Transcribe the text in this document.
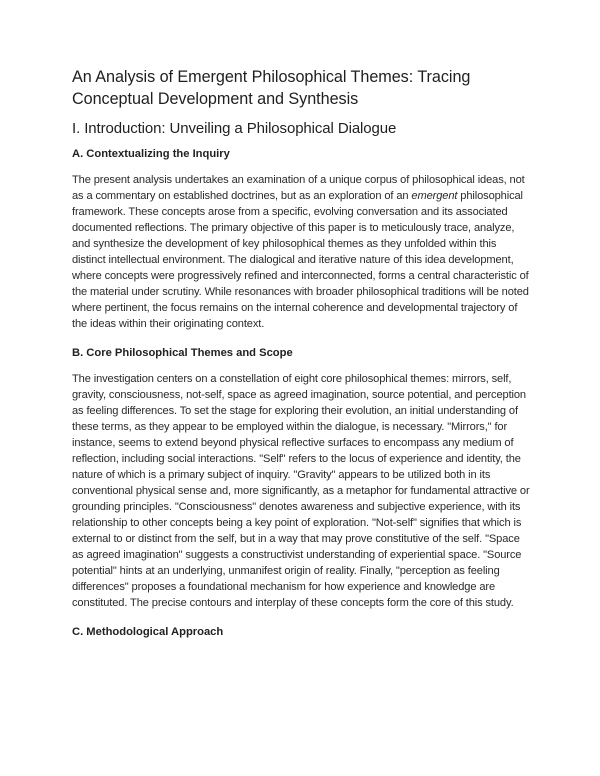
An Analysis of Emergent Philosophical Themes: Tracing Conceptual Development and Synthesis
I. Introduction: Unveiling a Philosophical Dialogue
A. Contextualizing the Inquiry

The present analysis undertakes an examination of a unique corpus of philosophical ideas, not as a commentary on established doctrines, but as an exploration of an emergent philosophical framework. These concepts arose from a specific, evolving conversation and its associated documented reflections. The primary objective of this paper is to meticulously trace, analyze, and synthesize the development of key philosophical themes as they unfolded within this distinct intellectual environment. The dialogical and iterative nature of this idea development, where concepts were progressively refined and interconnected, forms a central characteristic of the material under scrutiny. While resonances with broader philosophical traditions will be noted where pertinent, the focus remains on the internal coherence and developmental trajectory of the ideas within their originating context.

B. Core Philosophical Themes and Scope

The investigation centers on a constellation of eight core philosophical themes: mirrors, self, gravity, consciousness, not-self, space as agreed imagination, source potential, and perception as feeling differences. To set the stage for exploring their evolution, an initial understanding of these terms, as they appear to be employed within the dialogue, is necessary. "Mirrors," for instance, seems to extend beyond physical reflective surfaces to encompass any medium of reflection, including social interactions. "Self" refers to the locus of experience and identity, the nature of which is a primary subject of inquiry. "Gravity" appears to be utilized both in its conventional physical sense and, more significantly, as a metaphor for fundamental attractive or grounding principles. "Consciousness" denotes awareness and subjective experience, with its relationship to other concepts being a key point of exploration. "Not-self" signifies that which is external to or distinct from the self, but in a way that may prove constitutive of the self. "Space as agreed imagination" suggests a constructivist understanding of experiential space. "Source potential" hints at an underlying, unmanifest origin of reality. Finally, "perception as feeling differences" proposes a foundational mechanism for how experience and knowledge are constituted. The precise contours and interplay of these concepts form the core of this study.

C. Methodological Approach
